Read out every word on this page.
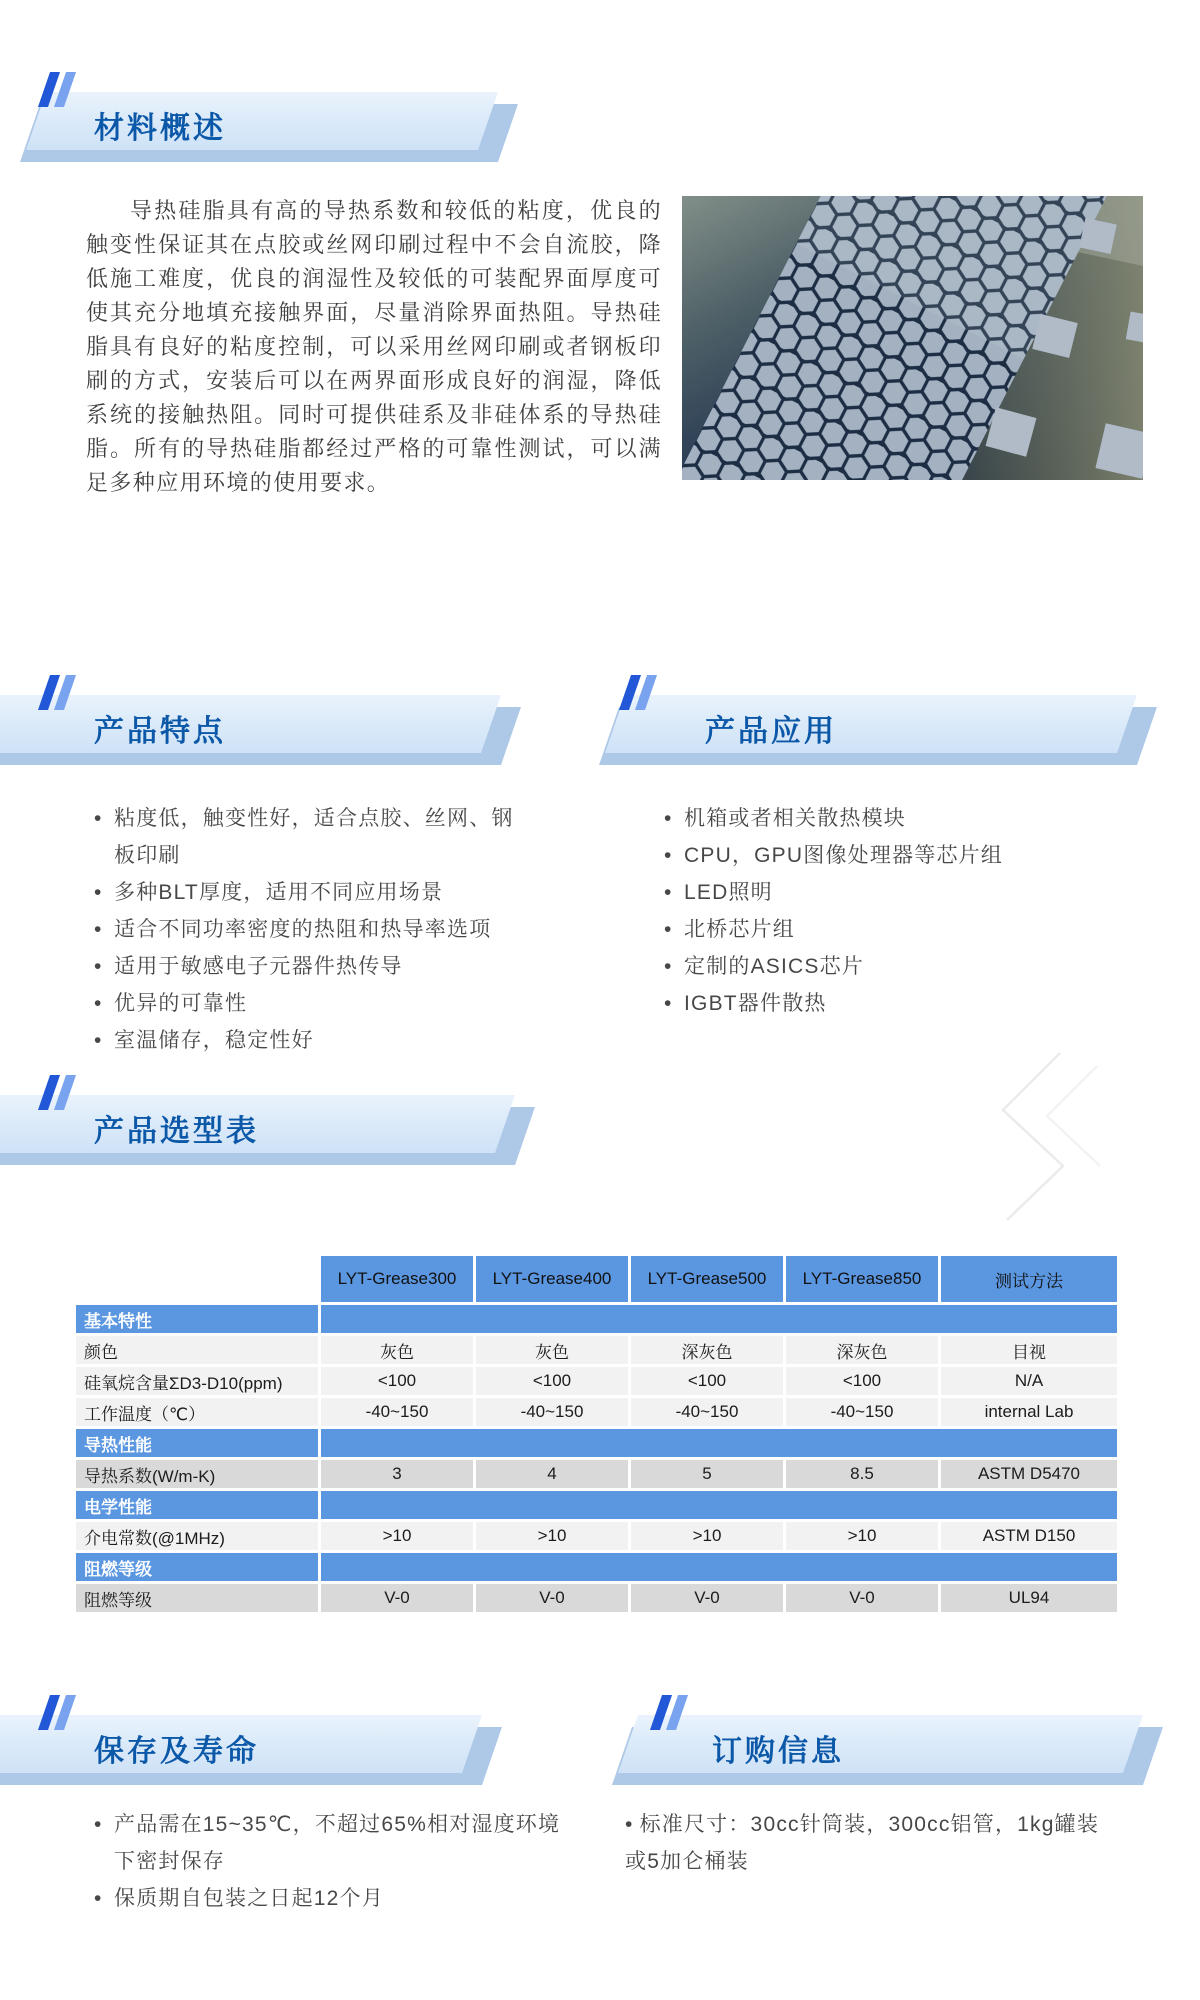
材料概述

导热硅脂具有高的导热系数和较低的粘度，优良的触变性保证其在点胶或丝网印刷过程中不会自流胶，降低施工难度，优良的润湿性及较低的可装配界面厚度可使其充分地填充接触界面，尽量消除界面热阻。导热硅脂具有良好的粘度控制，可以采用丝网印刷或者钢板印刷的方式，安装后可以在两界面形成良好的润湿，降低系统的接触热阻。同时可提供硅系及非硅体系的导热硅脂。所有的导热硅脂都经过严格的可靠性测试，可以满足多种应用环境的使用要求。

产品特点	产品应用
• 粘度低，触变性好，适合点胶、丝网、钢板印刷
• 多种BLT厚度，适用不同应用场景
• 适合不同功率密度的热阻和热导率选项
• 适用于敏感电子元器件热传导
• 优异的可靠性
• 室温储存，稳定性好
• 机箱或者相关散热模块
• CPU，GPU图像处理器等芯片组
• LED照明
• 北桥芯片组
• 定制的ASICS芯片
• IGBT器件散热
产品选型表
LYT-Grease300	LYT-Grease400	LYT-Grease500	LYT-Grease850	测试方法
基本特性
颜色	灰色	灰色	深灰色	深灰色	目视
硅氧烷含量ΣD3-D10(ppm)	<100	<100	<100	<100	N/A
工作温度（℃）	-40~150	-40~150	-40~150	-40~150	internal Lab
导热性能
导热系数(W/m-K)	3	4	5	8.5	ASTM D5470
电学性能
介电常数(@1MHz)	>10	>10	>10	>10	ASTM D150
阻燃等级
阻燃等级	V-0	V-0	V-0	V-0	UL94
保存及寿命	订购信息
• 产品需在15~35℃，不超过65%相对湿度环境下密封保存
• 保质期自包装之日起12个月
• 标准尺寸：30cc针筒装，300cc铝管，1kg罐装或5加仑桶装
